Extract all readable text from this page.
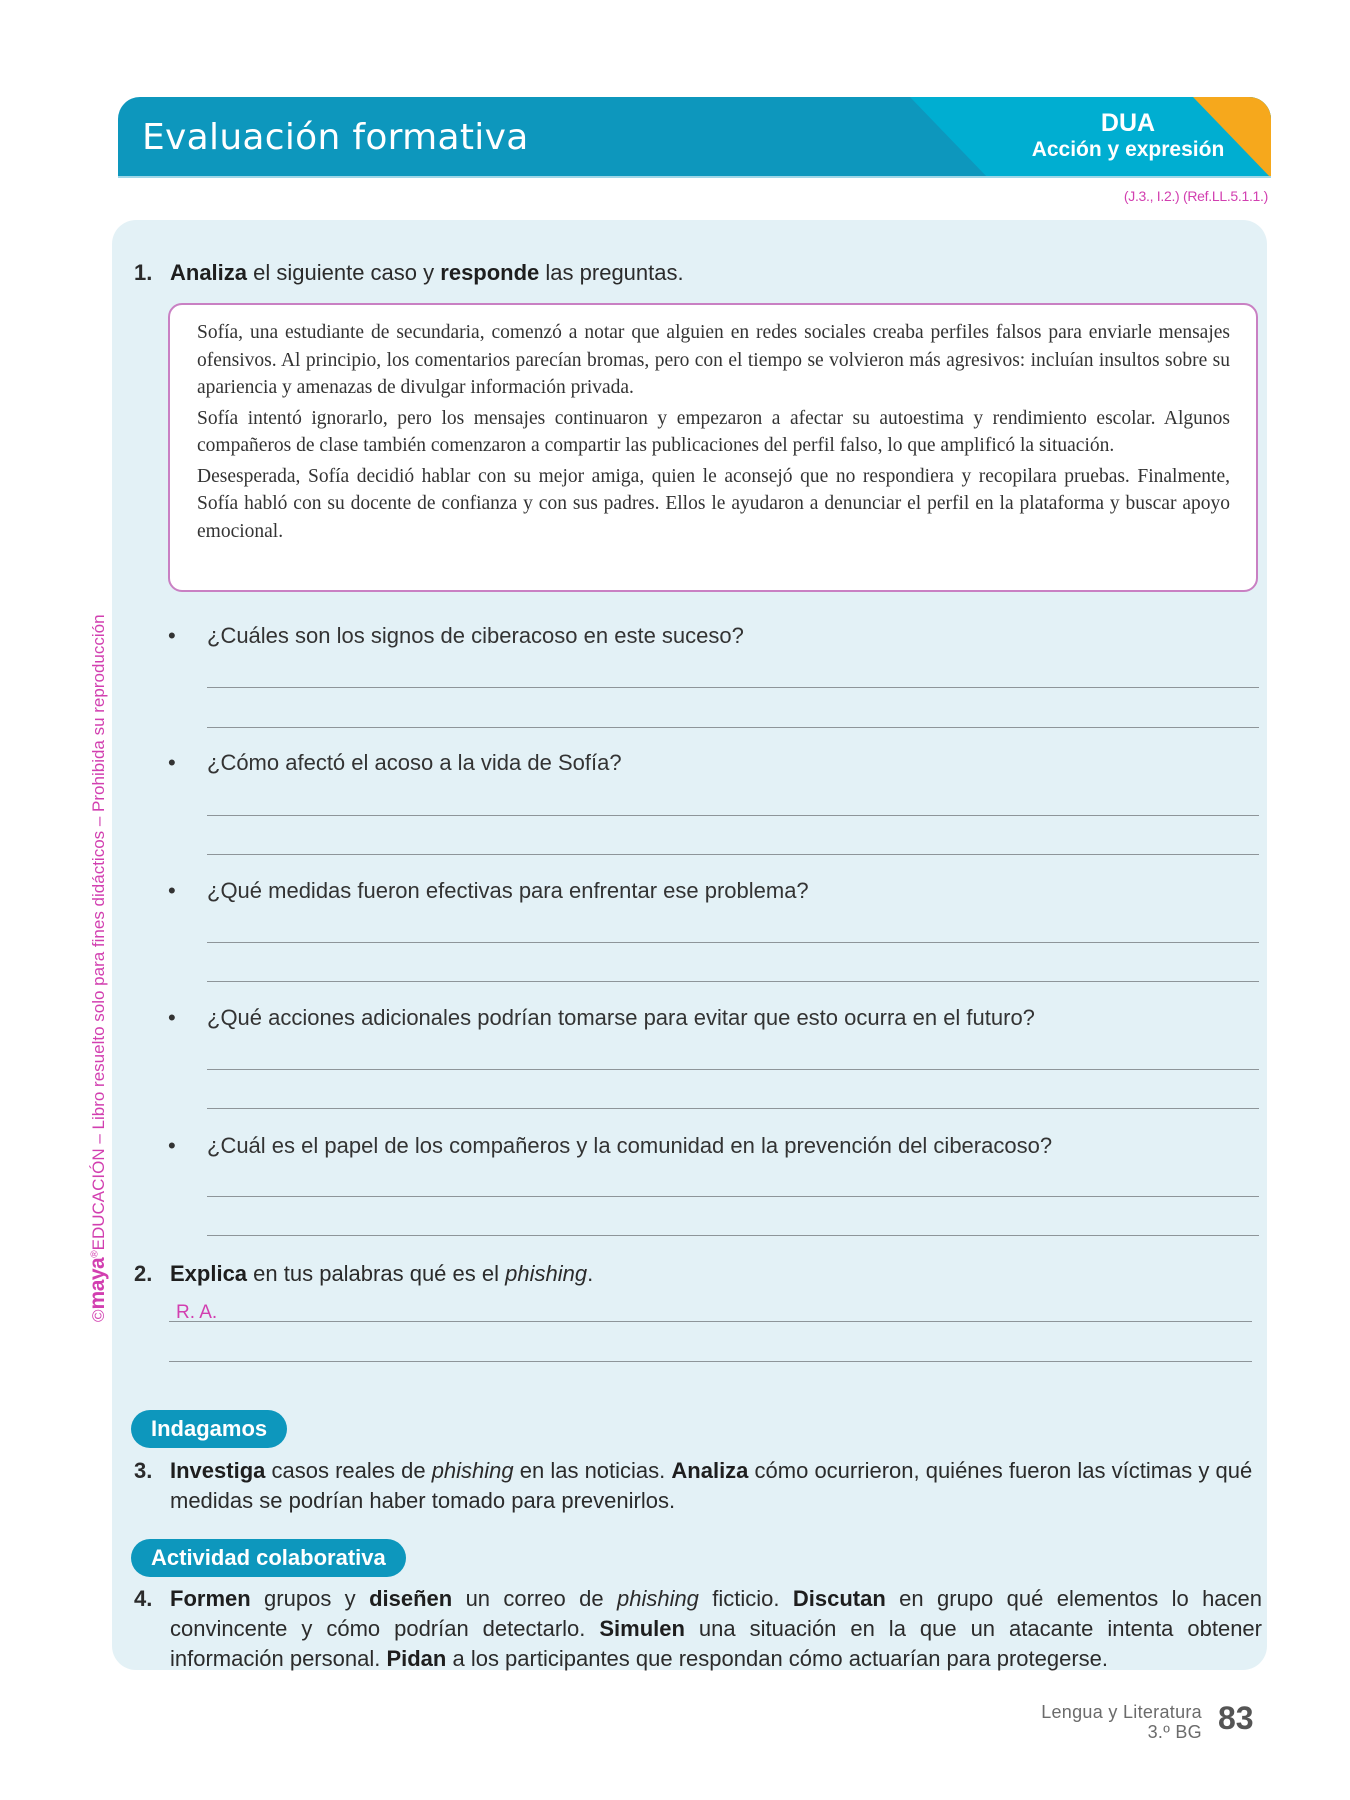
Evaluación formativa	DUA
Acción y expresión
(J.3., I.2.) (Ref.LL.5.1.1.)
©maya®EDUCACIÓN – Libro resuelto solo para fines didácticos – Prohibida su reproducción
1. Analiza el siguiente caso y responde las preguntas.

Sofía, una estudiante de secundaria, comenzó a notar que alguien en redes sociales creaba perfiles falsos para enviarle mensajes ofensivos. Al principio, los comentarios parecían bromas, pero con el tiempo se volvieron más agresivos: incluían insultos sobre su apariencia y amenazas de divulgar información privada.

Sofía intentó ignorarlo, pero los mensajes continuaron y empezaron a afectar su autoestima y rendimiento escolar. Algunos compañeros de clase también comenzaron a compartir las publicaciones del perfil falso, lo que amplificó la situación.

Desesperada, Sofía decidió hablar con su mejor amiga, quien le aconsejó que no respondiera y recopilara pruebas. Finalmente, Sofía habló con su docente de confianza y con sus padres. Ellos le ayudaron a denunciar el perfil en la plataforma y buscar apoyo emocional.

• ¿Cuáles son los signos de ciberacoso en este suceso?
• ¿Cómo afectó el acoso a la vida de Sofía?
• ¿Qué medidas fueron efectivas para enfrentar ese problema?
• ¿Qué acciones adicionales podrían tomarse para evitar que esto ocurra en el futuro?
• ¿Cuál es el papel de los compañeros y la comunidad en la prevención del ciberacoso?
2. Explica en tus palabras qué es el phishing.
R. A.
Indagamos
3. Investiga casos reales de phishing en las noticias. Analiza cómo ocurrieron, quiénes fueron las víctimas y qué medidas se podrían haber tomado para prevenirlos.
Actividad colaborativa
4. Formen grupos y diseñen un correo de phishing ficticio. Discutan en grupo qué elementos lo hacen convincente y cómo podrían detectarlo. Simulen una situación en la que un atacante intenta obtener información personal. Pidan a los participantes que respondan cómo actuarían para protegerse.
Lengua y Literatura
3.º BG 83
